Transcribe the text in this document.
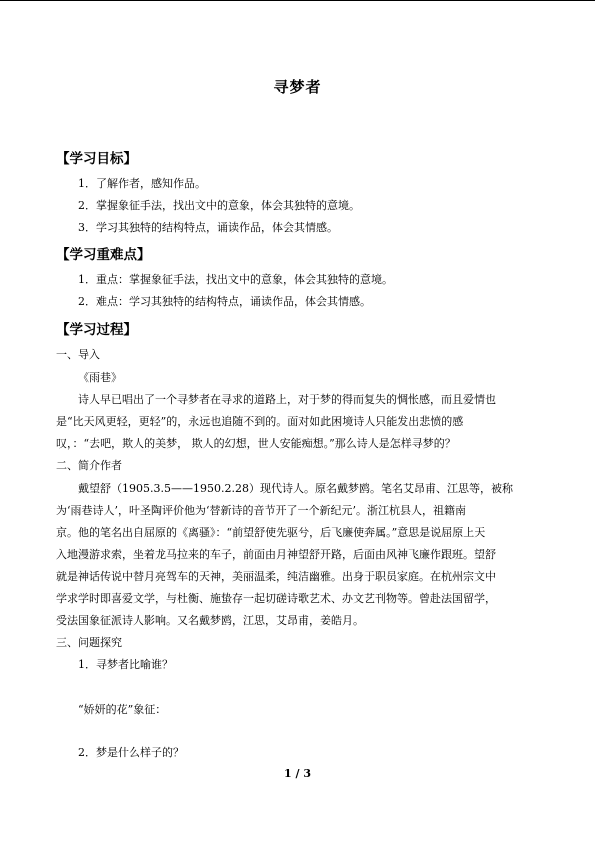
寻梦者
【学习目标】
1．了解作者，感知作品。
2．掌握象征手法，找出文中的意象，体会其独特的意境。
3．学习其独特的结构特点，诵读作品，体会其情感。
【学习重难点】
1．重点：掌握象征手法，找出文中的意象，体会其独特的意境。
2．难点：学习其独特的结构特点，诵读作品，体会其情感。
【学习过程】
一、导入
《雨巷》
诗人早已唱出了一个寻梦者在寻求的道路上，对于梦的得而复失的惆怅感，而且爱情也
是“比天风更轻，更轻”的，永远也追随不到的。面对如此困境诗人只能发出悲愤的感
叹，：“去吧，欺人的美梦， 欺人的幻想，世人安能痴想。”那么诗人是怎样寻梦的？
二、简介作者
戴望舒（1905.3.5——1950.2.28）现代诗人。原名戴梦鸥。笔名艾昂甫、江思等，被称
为‘雨巷诗人’，叶圣陶评价他为‘替新诗的音节开了一个新纪元’。浙江杭县人，祖籍南
京。他的笔名出自屈原的《离骚》：“前望舒使先驱兮，后飞廉使奔属。”意思是说屈原上天
入地漫游求索，坐着龙马拉来的车子，前面由月神望舒开路，后面由风神飞廉作跟班。望舒
就是神话传说中替月亮驾车的天神，美丽温柔，纯洁幽雅。出身于职员家庭。在杭州宗文中
学求学时即喜爱文学，与杜衡、施蛰存一起切磋诗歌艺术、办文艺刊物等。曾赴法国留学，
受法国象征派诗人影响。又名戴梦鸥，江思，艾昂甫，姜皓月。
三、问题探究
1．寻梦者比喻谁？
“娇妍的花”象征：
2．梦是什么样子的？
1 / 3
